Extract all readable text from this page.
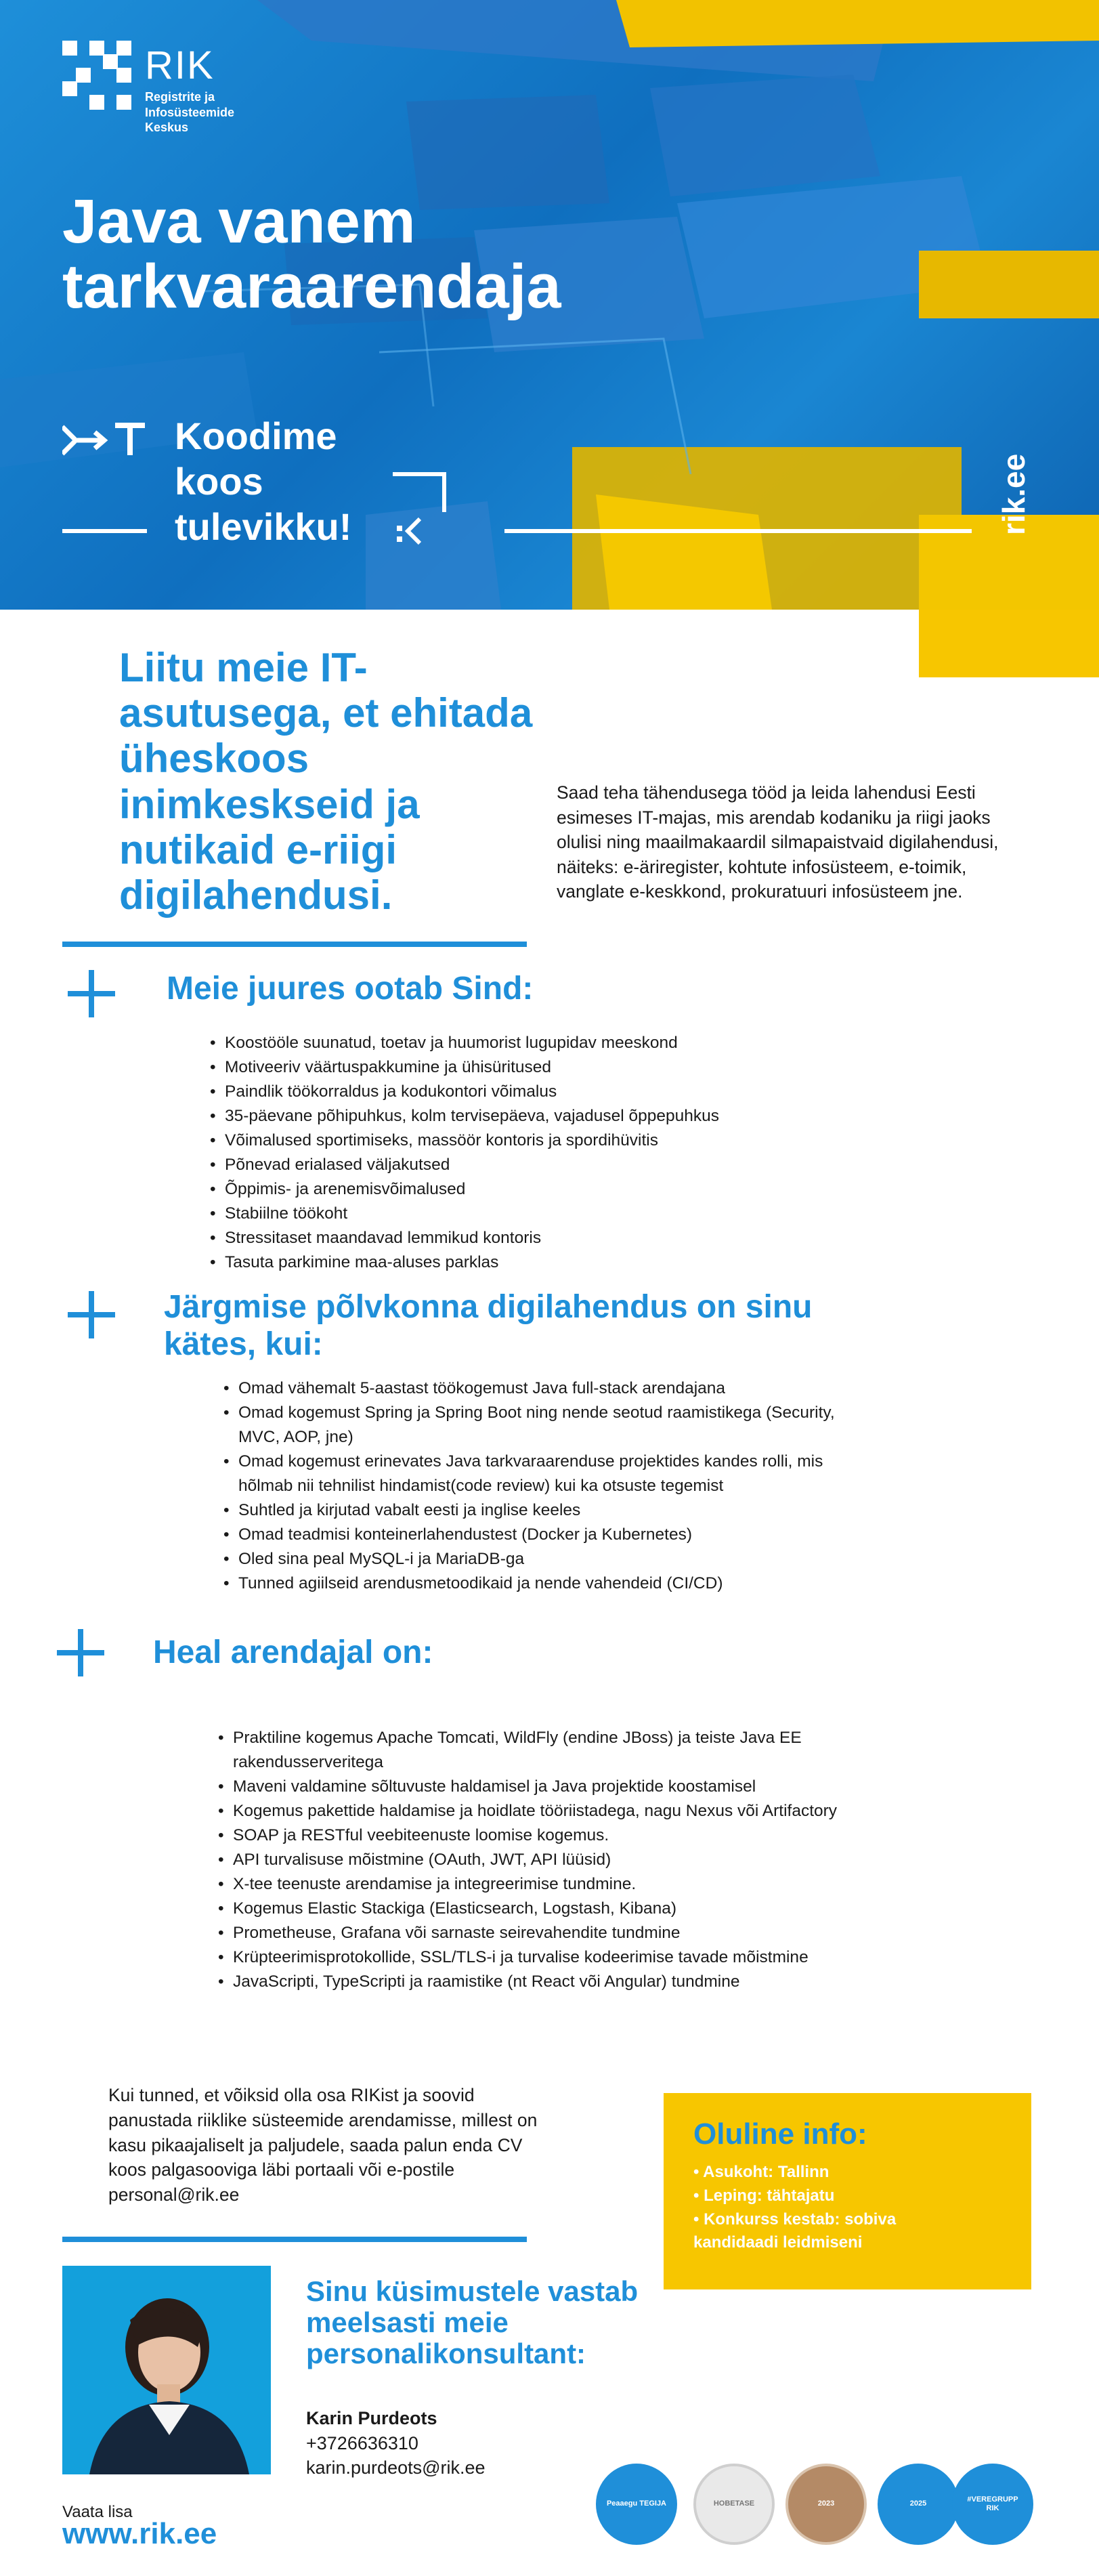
RIK
Registrite ja
Infosüsteemide
Keskus
Java vanem
tarkvaraarendaja
Koodime
koos
tulevikku!	rik.ee
Liitu meie IT-asutusega, et ehitada üheskoos inimkeskseid ja nutikaid e-riigi digilahendusi.
Saad teha tähendusega tööd ja leida lahendusi Eesti esimeses IT-majas, mis arendab kodaniku ja riigi jaoks olulisi ning maailmakaardil silmapaistvaid digilahendusi, näiteks: e-äriregister, kohtute infosüsteem, e-toimik, vanglate e-keskkond, prokuratuuri infosüsteem jne.
Meie juures ootab Sind:
• Koostööle suunatud, toetav ja huumorist lugupidav meeskond
• Motiveeriv väärtuspakkumine ja ühisüritused
• Paindlik töökorraldus ja kodukontori võimalus
• 35-päevane põhipuhkus, kolm tervisepäeva, vajadusel õppepuhkus
• Võimalused sportimiseks, massöör kontoris ja spordihüvitis
• Põnevad erialased väljakutsed
• Õppimis- ja arenemisvõimalused
• Stabiilne töökoht
• Stressitaset maandavad lemmikud kontoris
• Tasuta parkimine maa-aluses parklas
Järgmise põlvkonna digilahendus on sinu kätes, kui:
• Omad vähemalt 5-aastast töökogemust Java full-stack arendajana
• Omad kogemust Spring ja Spring Boot ning nende seotud raamistikega (Security, MVC, AOP, jne)
• Omad kogemust erinevates Java tarkvaraarenduse projektides kandes rolli, mis hõlmab nii tehnilist hindamist(code review) kui ka otsuste tegemist
• Suhtled ja kirjutad vabalt eesti ja inglise keeles
• Omad teadmisi konteinerlahendustest (Docker ja Kubernetes)
• Oled sina peal MySQL-i ja MariaDB-ga
• Tunned agiilseid arendusmetoodikaid ja nende vahendeid (CI/CD)
Heal arendajal on:
• Praktiline kogemus Apache Tomcati, WildFly (endine JBoss) ja teiste Java EE rakendusserveritega
• Maveni valdamine sõltuvuste haldamisel ja Java projektide koostamisel
• Kogemus pakettide haldamise ja hoidlate tööriistadega, nagu Nexus või Artifactory
• SOAP ja RESTful veebiteenuste loomise kogemus.
• API turvalisuse mõistmine (OAuth, JWT, API lüüsid)
• X-tee teenuste arendamise ja integreerimise tundmine.
• Kogemus Elastic Stackiga (Elasticsearch, Logstash, Kibana)
• Prometheuse, Grafana või sarnaste seirevahendite tundmine
• Krüpteerimisprotokollide, SSL/TLS-i ja turvalise kodeerimise tavade mõistmine
• JavaScripti, TypeScripti ja raamistike (nt React või Angular) tundmine
Kui tunned, et võiksid olla osa RIKist ja soovid panustada riiklike süsteemide arendamisse, millest on kasu pikaajaliselt ja paljudele, saada palun enda CV koos palgasooviga läbi portaali või e-postile personal@rik.ee
Oluline info:
• Asukoht: Tallinn
• Leping: tähtajatu
• Konkurss kestab: sobiva
kandidaadi leidmiseni
Sinu küsimustele vastab meelsasti meie personalikonsultant:
Karin Purdeots
+3726636310
karin.purdeots@rik.ee
Vaata lisa
www.rik.ee
Peaaegu TEGIJA	HOBETASE	2023	2025
#VEREGRUPP RIK
